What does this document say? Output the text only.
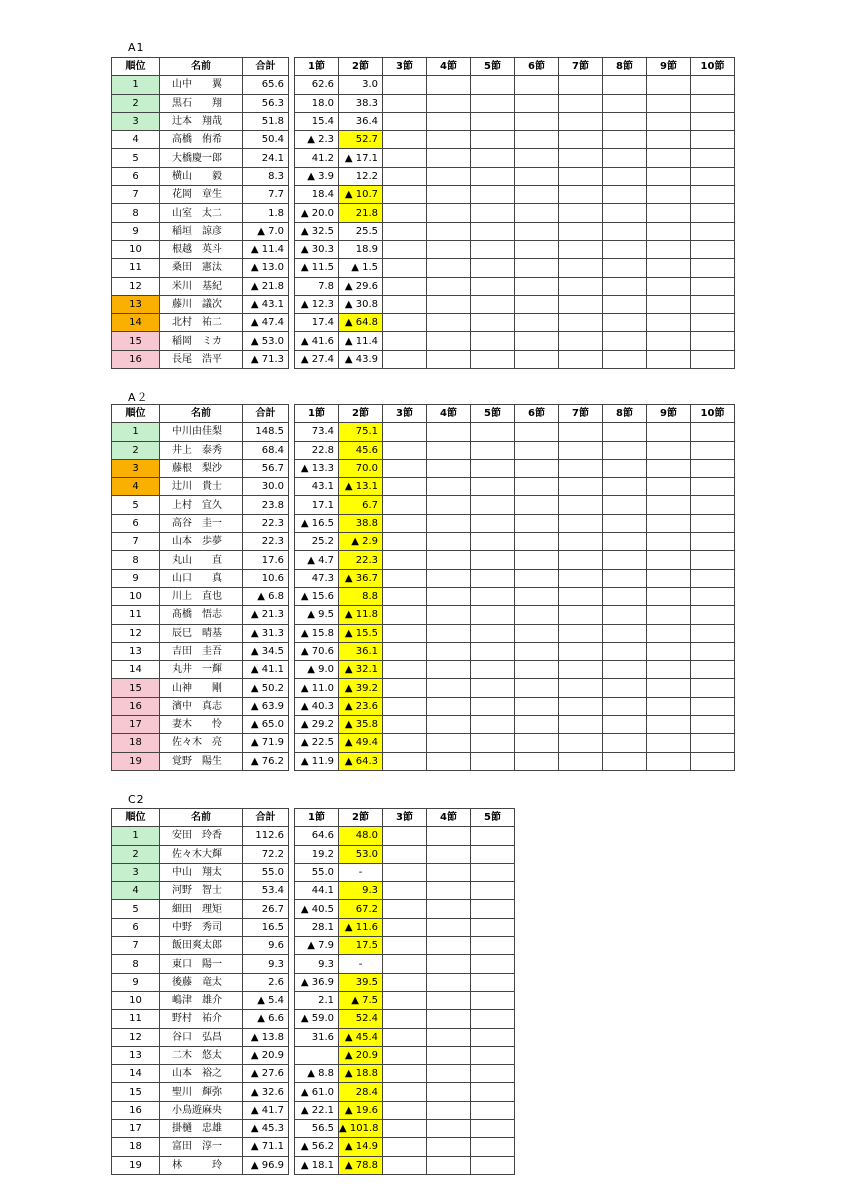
A1
順位	名前	合計		1節	2節	3節	4節	5節	6節	7節	8節	9節	10節
1	山中　　翼	65.6		62.6	3.0								
2	黒石　　翔	56.3		18.0	38.3								
3	辻本　翔哉	51.8		15.4	36.4								
4	高橋　侑希	50.4		▲ 2.3	52.7								
5	大橋慶一郎	24.1		41.2	▲ 17.1								
6	横山　　毅	8.3		▲ 3.9	12.2								
7	花岡　章生	7.7		18.4	▲ 10.7								
8	山室　太二	1.8		▲ 20.0	21.8								
9	稲垣　諒彦	▲ 7.0		▲ 32.5	25.5								
10	根越　英斗	▲ 11.4		▲ 30.3	18.9								
11	桑田　憲汰	▲ 13.0		▲ 11.5	▲ 1.5								
12	米川　基紀	▲ 21.8		7.8	▲ 29.6								
13	藤川　議次	▲ 43.1		▲ 12.3	▲ 30.8								
14	北村　祐二	▲ 47.4		17.4	▲ 64.8								
15	稲岡　ミカ	▲ 53.0		▲ 41.6	▲ 11.4								
16	長尾　浩平	▲ 71.3		▲ 27.4	▲ 43.9								
A２
順位	名前	合計		1節	2節	3節	4節	5節	6節	7節	8節	9節	10節
1	中川由佳梨	148.5		73.4	75.1								
2	井上　泰秀	68.4		22.8	45.6								
3	藤根　梨沙	56.7		▲ 13.3	70.0								
4	辻川　貴士	30.0		43.1	▲ 13.1								
5	上村　宜久	23.8		17.1	6.7								
6	高谷　圭一	22.3		▲ 16.5	38.8								
7	山本　歩夢	22.3		25.2	▲ 2.9								
8	丸山　　直	17.6		▲ 4.7	22.3								
9	山口　　真	10.6		47.3	▲ 36.7								
10	川上　直也	▲ 6.8		▲ 15.6	8.8								
11	髙橋　悟志	▲ 21.3		▲ 9.5	▲ 11.8								
12	辰巳　晴基	▲ 31.3		▲ 15.8	▲ 15.5								
13	吉田　圭吾	▲ 34.5		▲ 70.6	36.1								
14	丸井　一輝	▲ 41.1		▲ 9.0	▲ 32.1								
15	山神　　剛	▲ 50.2		▲ 11.0	▲ 39.2								
16	濱中　真志	▲ 63.9		▲ 40.3	▲ 23.6								
17	妻木　　怜	▲ 65.0		▲ 29.2	▲ 35.8								
18	佐々木　亮	▲ 71.9		▲ 22.5	▲ 49.4								
19	覚野　陽生	▲ 76.2		▲ 11.9	▲ 64.3								
C2
順位	名前	合計		1節	2節	3節	4節	5節
1	安田　玲香	112.6		64.6	48.0			
2	佐々木大輝	72.2		19.2	53.0			
3	中山　翔太	55.0		55.0	-			
4	河野　智士	53.4		44.1	9.3			
5	細田　理矩	26.7		▲ 40.5	67.2			
6	中野　秀司	16.5		28.1	▲ 11.6			
7	飯田爽太郎	9.6		▲ 7.9	17.5			
8	東口　陽一	9.3		9.3	-			
9	後藤　竜太	2.6		▲ 36.9	39.5			
10	嶋津　雄介	▲ 5.4		2.1	▲ 7.5			
11	野村　祐介	▲ 6.6		▲ 59.0	52.4			
12	谷口　弘昌	▲ 13.8		31.6	▲ 45.4			
13	二木　悠太	▲ 20.9			▲ 20.9			
14	山本　裕之	▲ 27.6		▲ 8.8	▲ 18.8			
15	聖川　輝弥	▲ 32.6		▲ 61.0	28.4			
16	小鳥遊麻央	▲ 41.7		▲ 22.1	▲ 19.6			
17	掛樋　忠雄	▲ 45.3		56.5	▲ 101.8			
18	富田　淳一	▲ 71.1		▲ 56.2	▲ 14.9			
19	林　　　玲	▲ 96.9		▲ 18.1	▲ 78.8			
